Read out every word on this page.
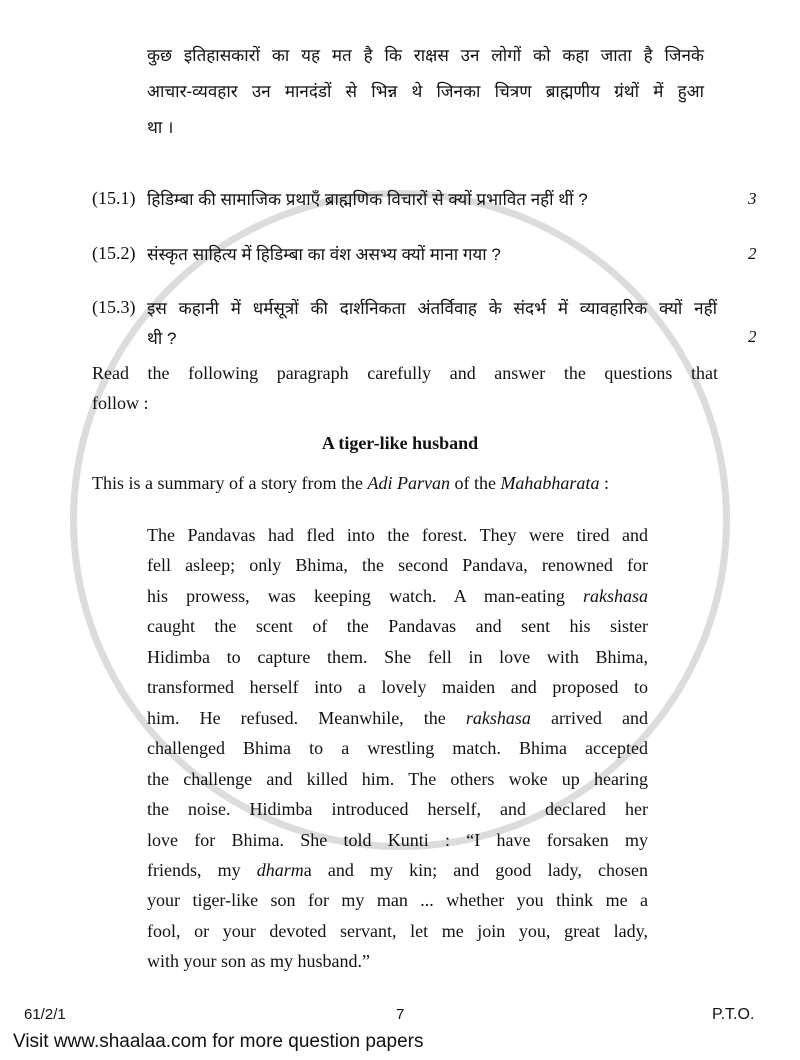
कुछ इतिहासकारों का यह मत है कि राक्षस उन लोगों को कहा जाता है जिनके
आचार-व्यवहार उन मानदंडों से भिन्न थे जिनका चित्रण ब्राह्मणीय ग्रंथों में हुआ
था ।
(15.1) हिडिम्बा की सामाजिक प्रथाएँ ब्राह्मणिक विचारों से क्यों प्रभावित नहीं थीं ?	3
(15.2) संस्कृत साहित्य में हिडिम्बा का वंश असभ्य क्यों माना गया ?	2
(15.3) इस कहानी में धर्मसूत्रों की दार्शनिकता अंतर्विवाह के संदर्भ में व्यावहारिक क्यों नहीं
थी ?	2
Read the following paragraph carefully and answer the questions that
follow :
A tiger-like husband
This is a summary of a story from the Adi Parvan of the Mahabharata :
The Pandavas had fled into the forest. They were tired and
fell asleep; only Bhima, the second Pandava, renowned for
his prowess, was keeping watch. A man-eating rakshasa
caught the scent of the Pandavas and sent his sister
Hidimba to capture them. She fell in love with Bhima,
transformed herself into a lovely maiden and proposed to
him. He refused. Meanwhile, the rakshasa arrived and
challenged Bhima to a wrestling match. Bhima accepted
the challenge and killed him. The others woke up hearing
the noise. Hidimba introduced herself, and declared her
love for Bhima. She told Kunti : “I have forsaken my
friends, my dharma and my kin; and good lady, chosen
your tiger-like son for my man ... whether you think me a
fool, or your devoted servant, let me join you, great lady,
with your son as my husband.”
61/2/1	7	P.T.O.
Visit www.shaalaa.com for more question papers
